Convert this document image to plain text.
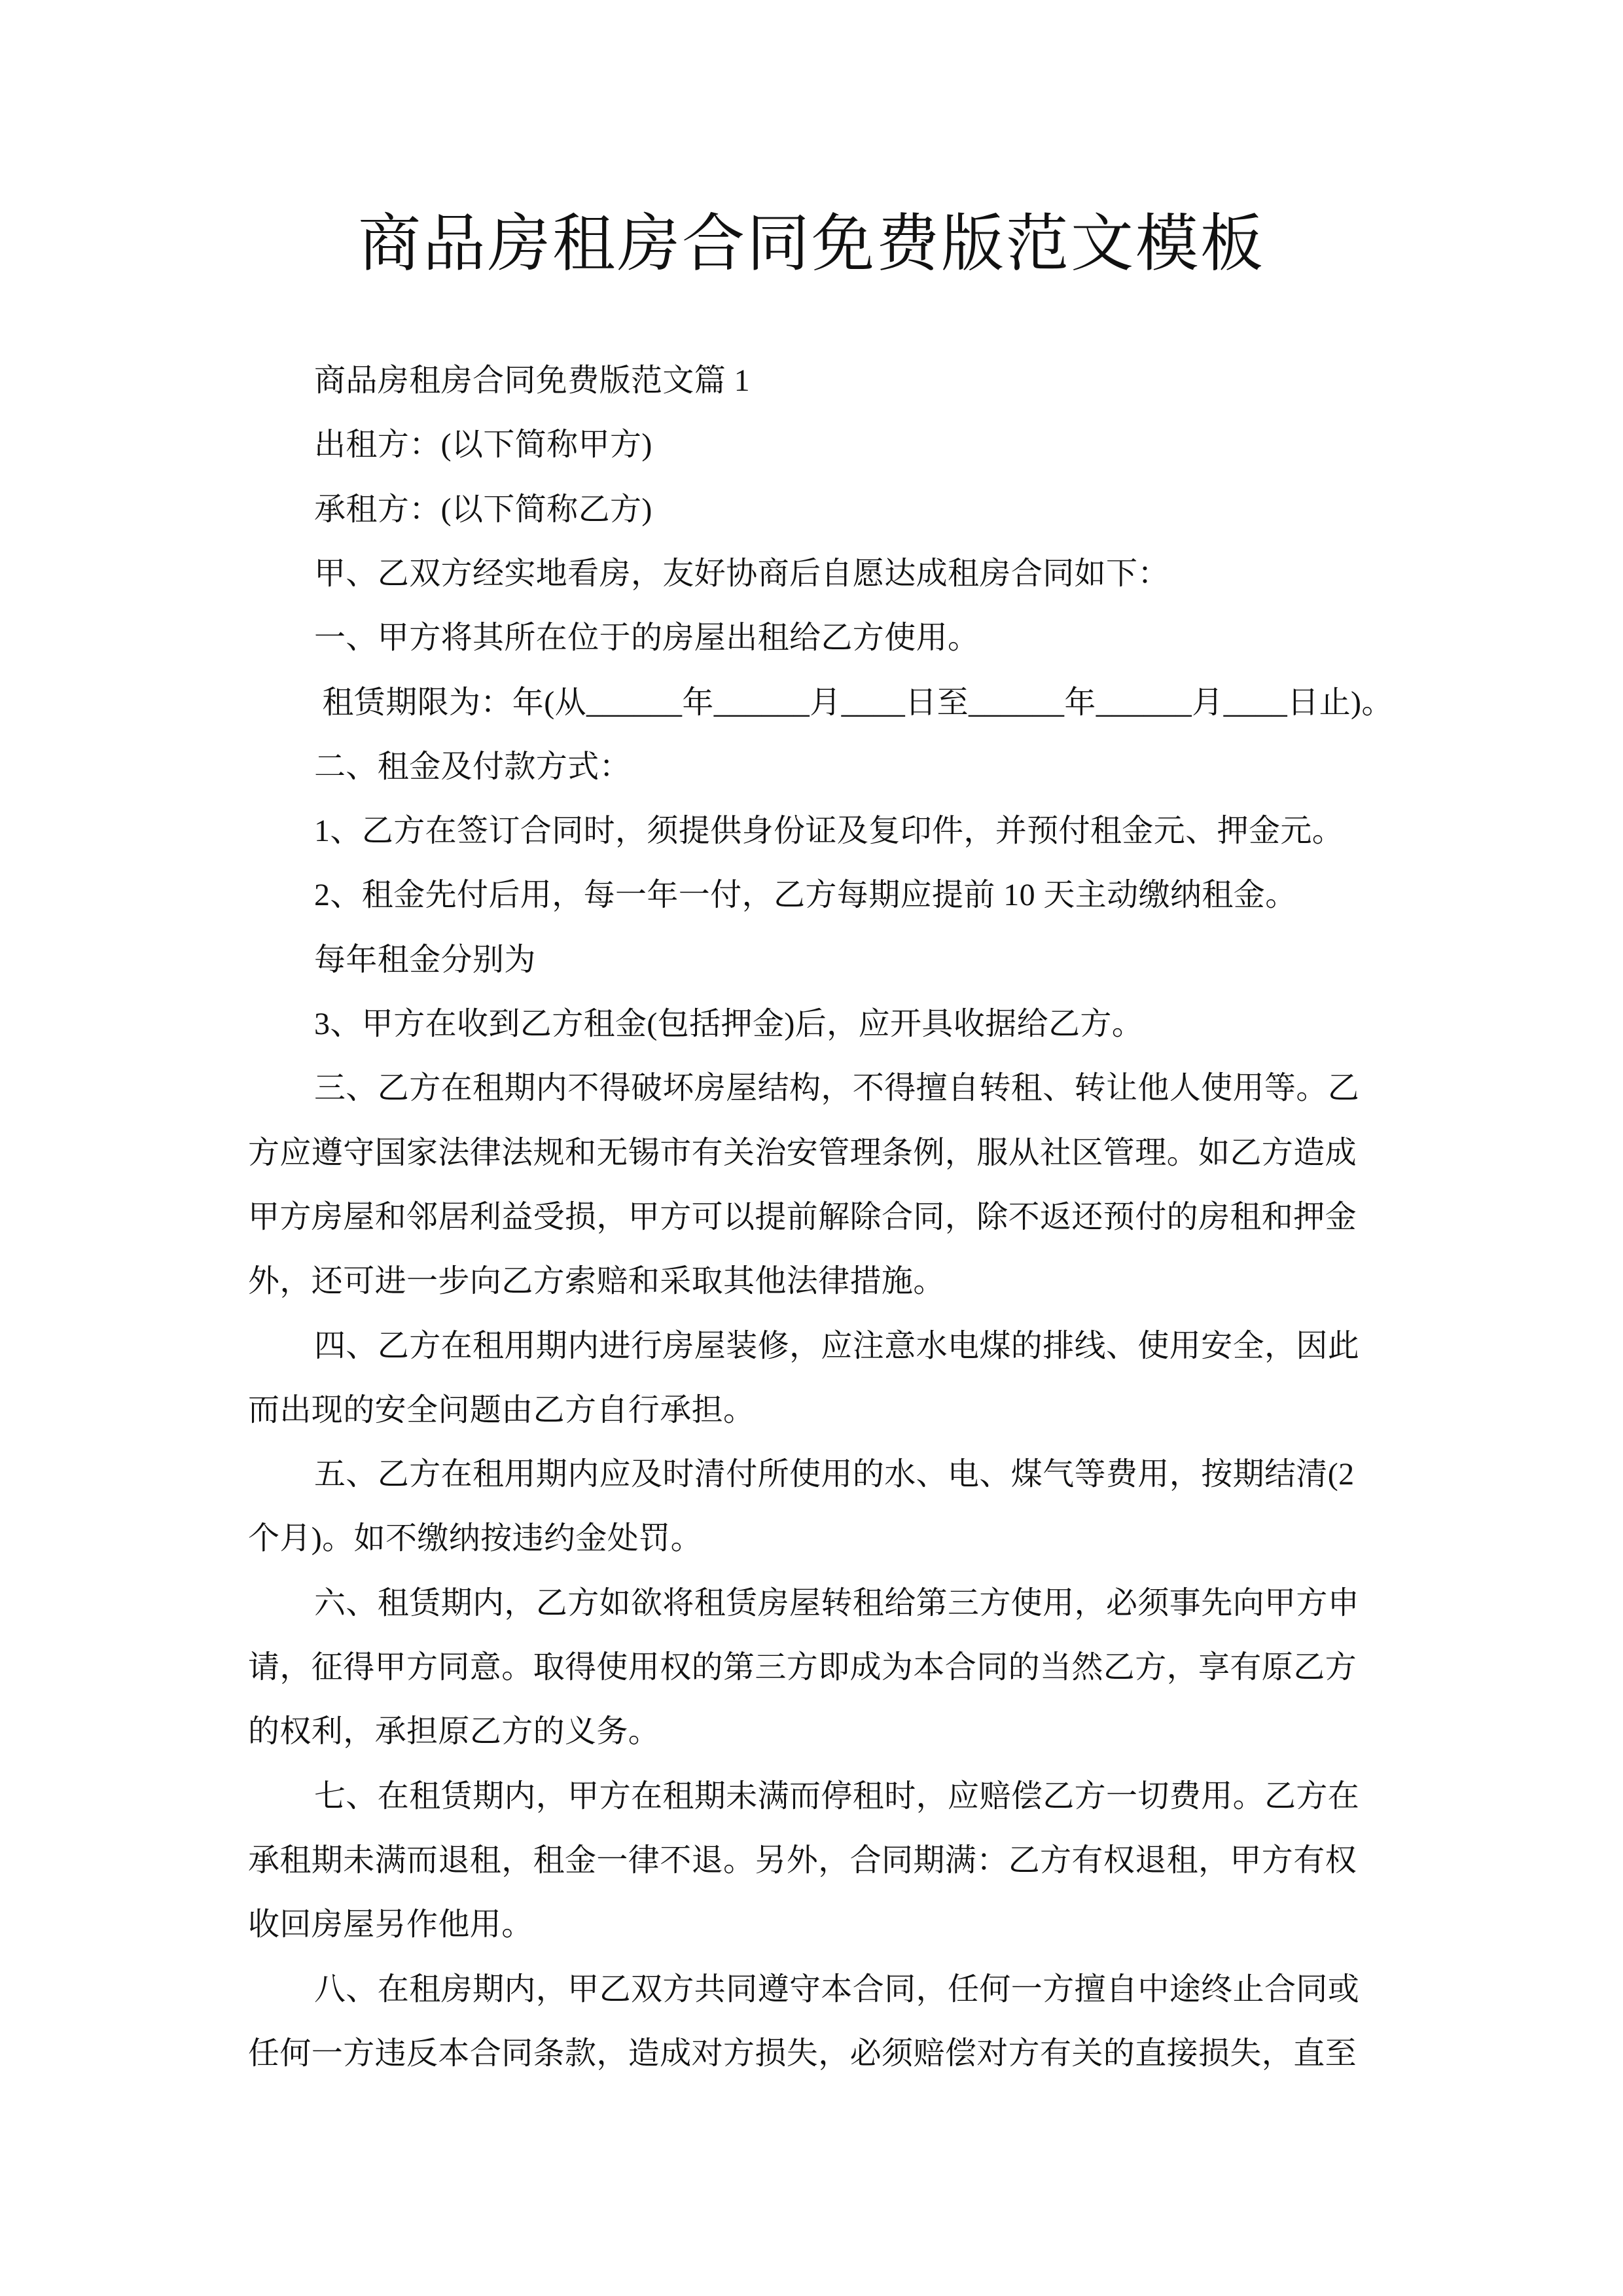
商品房租房合同免费版范文模板
商品房租房合同免费版范文篇 1
出租方：(以下简称甲方)
承租方：(以下简称乙方)
甲、乙双方经实地看房，友好协商后自愿达成租房合同如下：
一、甲方将其所在位于的房屋出租给乙方使用。
租赁期限为：年(从______年______月____日至______年______月____日止)。
二、租金及付款方式：
1、乙方在签订合同时，须提供身份证及复印件，并预付租金元、押金元。
2、租金先付后用，每一年一付，乙方每期应提前 10 天主动缴纳租金。
每年租金分别为
3、甲方在收到乙方租金(包括押金)后，应开具收据给乙方。
三、乙方在租期内不得破坏房屋结构，不得擅自转租、转让他人使用等。乙
方应遵守国家法律法规和无锡市有关治安管理条例，服从社区管理。如乙方造成
甲方房屋和邻居利益受损，甲方可以提前解除合同，除不返还预付的房租和押金
外，还可进一步向乙方索赔和采取其他法律措施。
四、乙方在租用期内进行房屋装修，应注意水电煤的排线、使用安全，因此
而出现的安全问题由乙方自行承担。
五、乙方在租用期内应及时清付所使用的水、电、煤气等费用，按期结清(2
个月)。如不缴纳按违约金处罚。
六、租赁期内，乙方如欲将租赁房屋转租给第三方使用，必须事先向甲方申
请，征得甲方同意。取得使用权的第三方即成为本合同的当然乙方，享有原乙方
的权利，承担原乙方的义务。
七、在租赁期内，甲方在租期未满而停租时，应赔偿乙方一切费用。乙方在
承租期未满而退租，租金一律不退。另外，合同期满：乙方有权退租，甲方有权
收回房屋另作他用。
八、在租房期内，甲乙双方共同遵守本合同，任何一方擅自中途终止合同或
任何一方违反本合同条款，造成对方损失，必须赔偿对方有关的直接损失，直至
